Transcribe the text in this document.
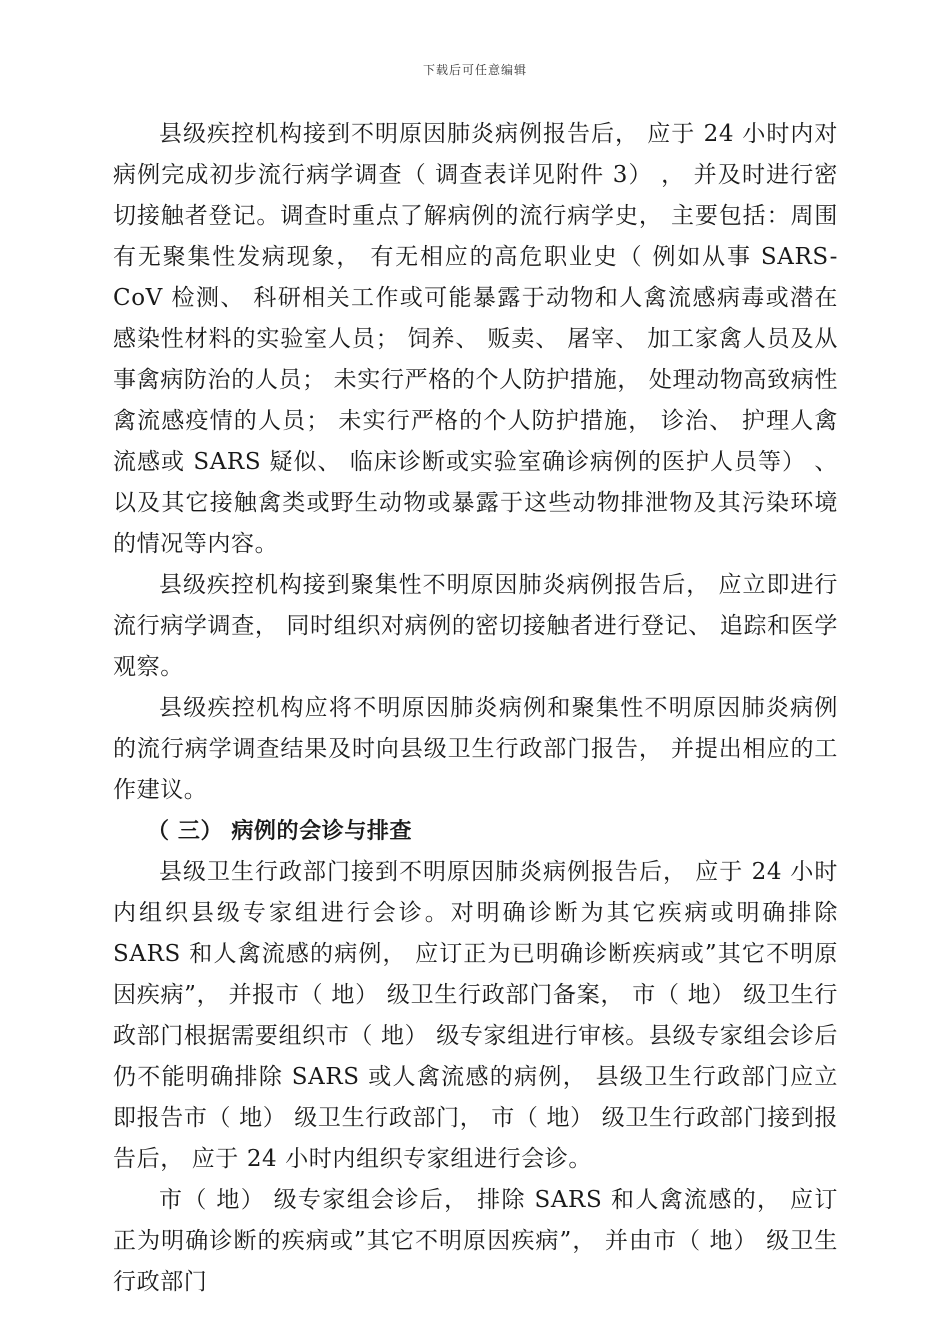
下载后可任意编辑

县级疾控机构接到不明原因肺炎病例报告后， 应于 24 小时内对病例完成初步流行病学调查（ 调查表详见附件 3） ， 并及时进行密切接触者登记。调查时重点了解病例的流行病学史， 主要包括：周围有无聚集性发病现象， 有无相应的高危职业史（ 例如从事 SARS-CoV 检测、 科研相关工作或可能暴露于动物和人禽流感病毒或潜在感染性材料的实验室人员； 饲养、 贩卖、 屠宰、 加工家禽人员及从事禽病防治的人员； 未实行严格的个人防护措施， 处理动物高致病性禽流感疫情的人员； 未实行严格的个人防护措施， 诊治、 护理人禽流感或 SARS 疑似、 临床诊断或实验室确诊病例的医护人员等） 、 以及其它接触禽类或野生动物或暴露于这些动物排泄物及其污染环境的情况等内容。

县级疾控机构接到聚集性不明原因肺炎病例报告后， 应立即进行流行病学调查， 同时组织对病例的密切接触者进行登记、 追踪和医学观察。

县级疾控机构应将不明原因肺炎病例和聚集性不明原因肺炎病例的流行病学调查结果及时向县级卫生行政部门报告， 并提出相应的工作建议。

（ 三） 病例的会诊与排查

县级卫生行政部门接到不明原因肺炎病例报告后， 应于 24 小时内组织县级专家组进行会诊。对明确诊断为其它疾病或明确排除 SARS 和人禽流感的病例， 应订正为已明确诊断疾病或”其它不明原因疾病”， 并报市（ 地） 级卫生行政部门备案， 市（ 地） 级卫生行政部门根据需要组织市（ 地） 级专家组进行审核。县级专家组会诊后仍不能明确排除 SARS 或人禽流感的病例， 县级卫生行政部门应立即报告市（ 地） 级卫生行政部门， 市（ 地） 级卫生行政部门接到报告后， 应于 24 小时内组织专家组进行会诊。

市（ 地） 级专家组会诊后， 排除 SARS 和人禽流感的， 应订正为明确诊断的疾病或”其它不明原因疾病”， 并由市（ 地） 级卫生行政部门
